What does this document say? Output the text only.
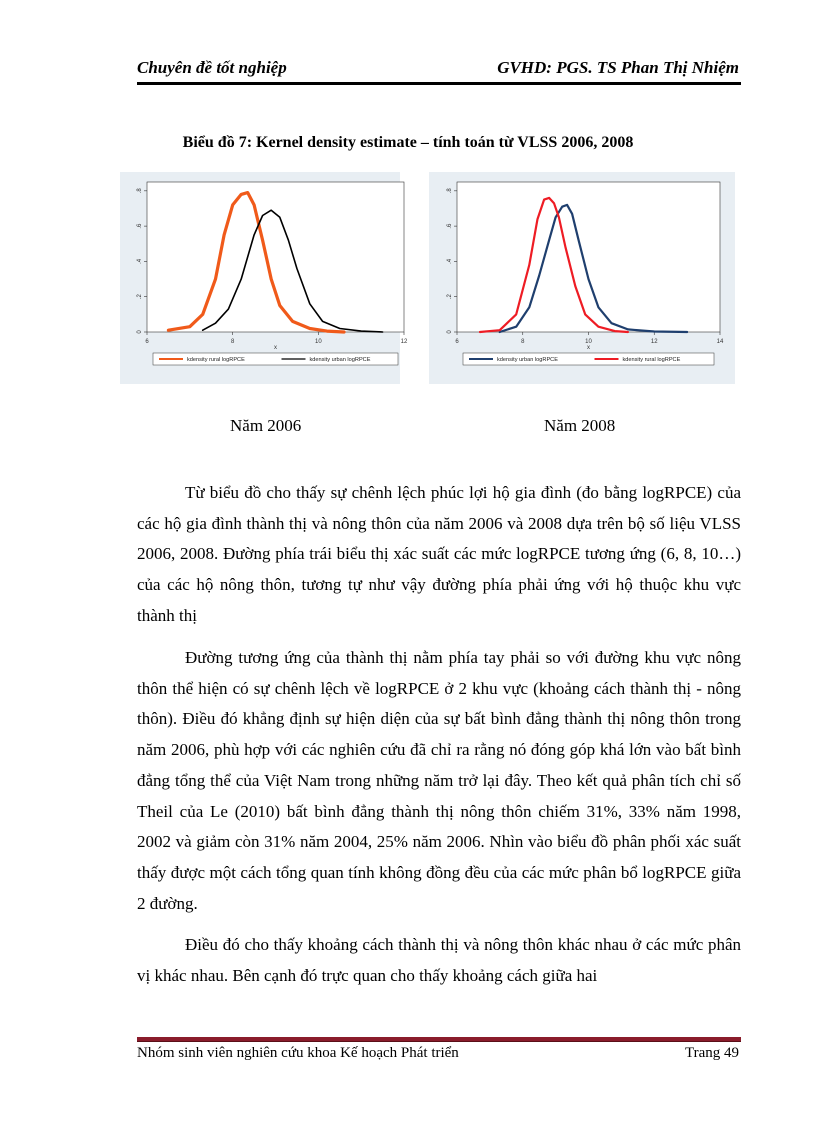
Chuyên đề tốt nghiệp	GVHD: PGS. TS Phan Thị Nhiệm
Biểu đồ 7: Kernel density estimate – tính toán từ VLSS 2006, 2008
6	8	10	12
0
.2
.4
.6
.8
x
kdensity rural logRPCE	kdensity urban logRPCE
6	8	10	12	14
0
.2
.4
.6
.8
x
kdensity urban logRPCE	kdensity rural logRPCE
Năm 2006	Năm 2008

Từ biểu đồ cho thấy sự chênh lệch phúc lợi hộ gia đình (đo bằng logRPCE) của các hộ gia đình thành thị và nông thôn của năm 2006 và 2008 dựa trên bộ số liệu VLSS 2006, 2008. Đường phía trái biểu thị xác suất các mức logRPCE tương ứng (6, 8, 10…) của các hộ nông thôn, tương tự như vậy đường phía phải ứng với hộ thuộc khu vực thành thị

Đường tương ứng của thành thị nằm phía tay phải so với đường khu vực nông thôn thể hiện có sự chênh lệch về logRPCE ở 2 khu vực (khoảng cách thành thị - nông thôn). Điều đó khẳng định sự hiện diện của sự bất bình đẳng thành thị nông thôn trong năm 2006, phù hợp với các nghiên cứu đã chỉ ra rằng nó đóng góp khá lớn vào bất bình đẳng tổng thể của Việt Nam trong những năm trở lại đây. Theo kết quả phân tích chỉ số Theil của Le (2010) bất bình đẳng thành thị nông thôn chiếm 31%, 33% năm 1998, 2002 và giảm còn 31% năm 2004, 25% năm 2006. Nhìn vào biểu đồ phân phối xác suất thấy được một cách tổng quan tính không đồng đều của các mức phân bổ logRPCE giữa 2 đường.

Điều đó cho thấy khoảng cách thành thị và nông thôn khác nhau ở các mức phân vị khác nhau. Bên cạnh đó trực quan cho thấy khoảng cách giữa hai

Nhóm sinh viên nghiên cứu khoa Kế hoạch Phát triển	Trang 49
